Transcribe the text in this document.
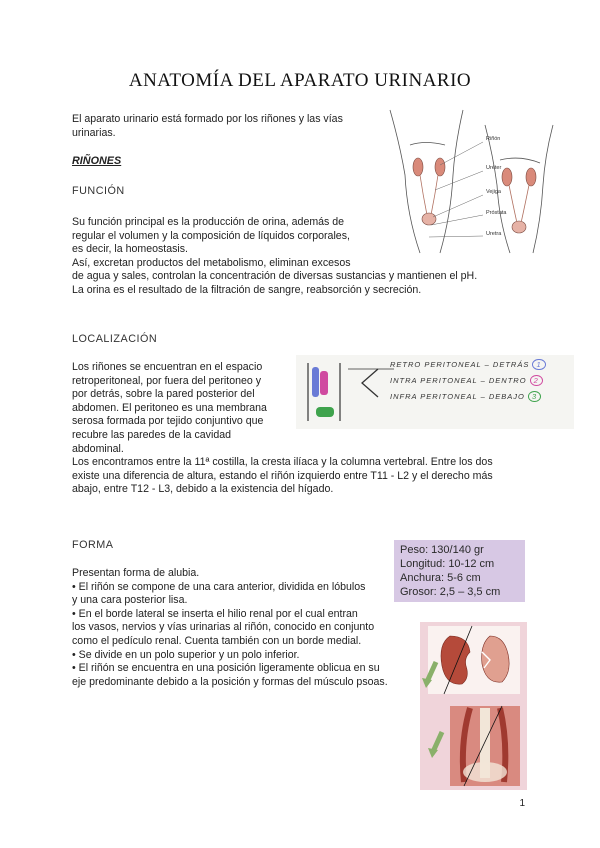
ANATOMÍA DEL APARATO URINARIO
El aparato urinario está formado por los riñones y las vías
urinarias.
RIÑONES
FUNCIÓN
Su función principal es la producción de orina, además de
regular el volumen y la composición de líquidos corporales,
es decir, la homeostasis.
Así, excretan productos del metabolismo, eliminan excesos
de agua y sales, controlan la concentración de diversas sustancias y mantienen el pH.
La orina es el resultado de la filtración de sangre, reabsorción y secreción.
Riñón
Uréter
Vejiga
Próstata
Uretra
LOCALIZACIÓN
Los riñones se encuentran en el espacio
retroperitoneal, por fuera del peritoneo y
por detrás, sobre la pared posterior del
abdomen. El peritoneo es una membrana
serosa formada por tejido conjuntivo que
recubre las paredes de la cavidad
abdominal.
Los encontramos entre la 11ª costilla, la cresta ilíaca y la columna vertebral. Entre los dos
existe una diferencia de altura, estando el riñón izquierdo entre T11 - L2 y el derecho más
abajo, entre T12 - L3, debido a la existencia del hígado.
RETRO PERITONEAL – DETRÁS 1
INTRA PERITONEAL – DENTRO 2
INFRA PERITONEAL – DEBAJO 3
FORMA
Presentan forma de alubia.
• El riñón se compone de una cara anterior, dividida en lóbulos
y una cara posterior lisa.
• En el borde lateral se inserta el hilio renal por el cual entran
los vasos, nervios y vías urinarias al riñón, conocido en conjunto
como el pedículo renal. Cuenta también con un borde medial.
• Se divide en un polo superior y un polo inferior.
• El riñón se encuentra en una posición ligeramente oblicua en su
eje predominante debido a la posición y formas del músculo psoas.
Peso: 130/140 gr
Longitud: 10-12 cm
Anchura: 5-6 cm
Grosor: 2,5 – 3,5 cm
1
